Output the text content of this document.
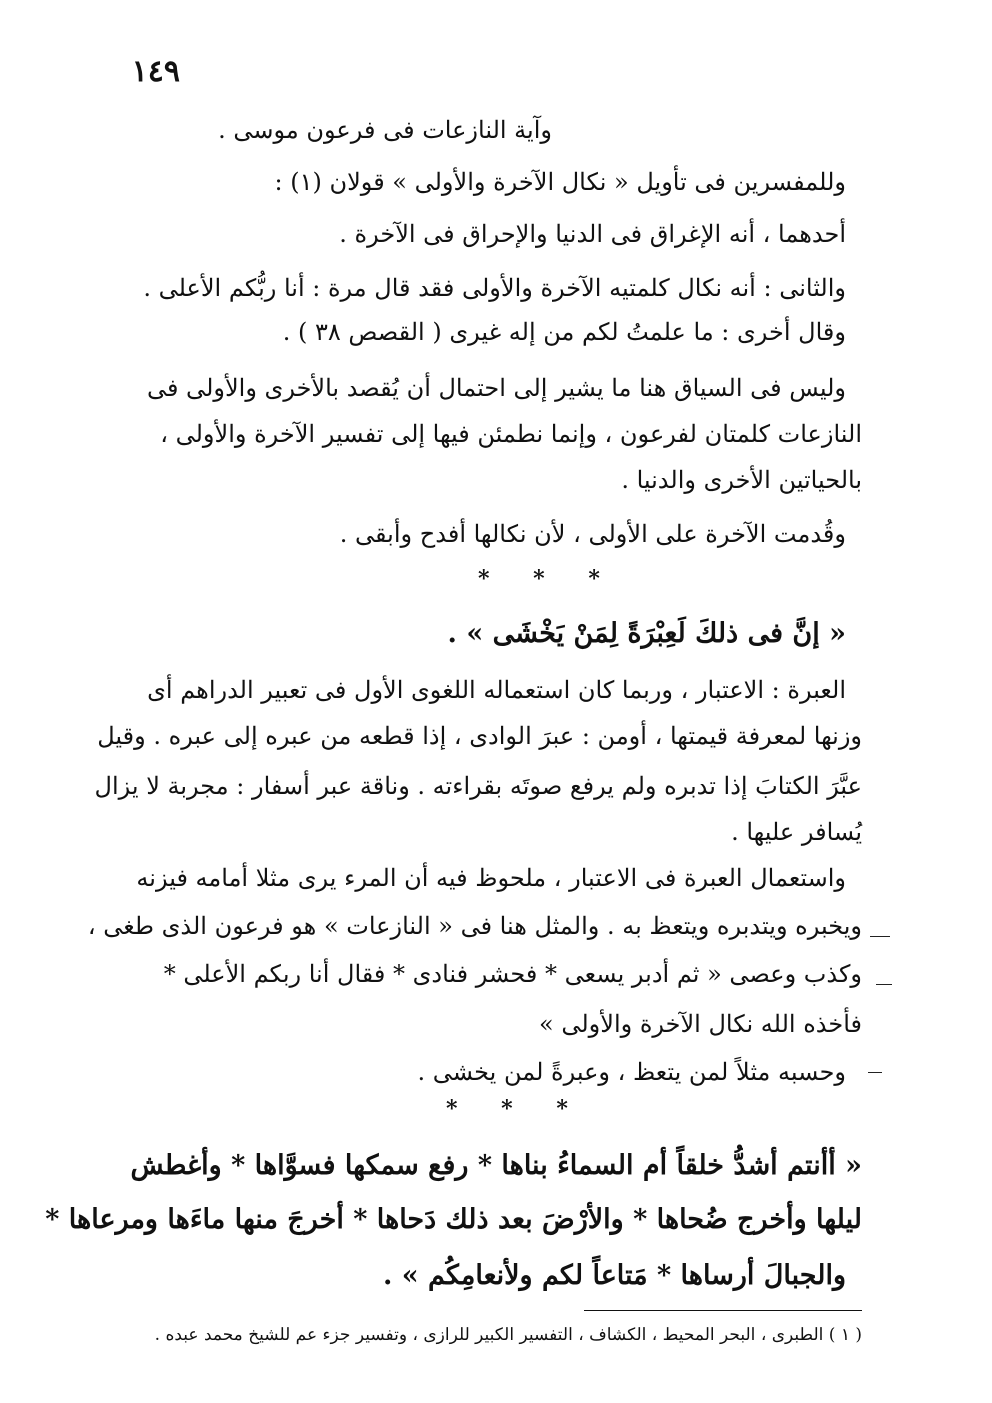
١٤٩
وآية النازعات فى فرعون موسى .
وللمفسرين فى تأويل « نكال الآخرة والأولى » قولان (١) :
أحدهما ، أنه الإغراق فى الدنيا والإحراق فى الآخرة .
والثانى : أنه نكال كلمتيه الآخرة والأولى فقد قال مرة : أنا ربُّكم الأعلى .
وقال أخرى : ما علمتُ لكم من إله غيرى ( القصص ٣٨ ) .
وليس فى السياق هنا ما يشير إلى احتمال أن يُقصد بالأخرى والأولى فى
النازعات كلمتان لفرعون ، وإنما نطمئن فيها إلى تفسير الآخرة والأولى ،
بالحياتين الأخرى والدنيا .
وقُدمت الآخرة على الأولى ، لأن نكالها أفدح وأبقى .
* * *
« إنَّ فى ذلكَ لَعِبْرَةً لِمَنْ يَخْشَى » .
العبرة : الاعتبار ، وربما كان استعماله اللغوى الأول فى تعبير الدراهم أى
وزنها لمعرفة قيمتها ، أومن : عبرَ الوادى ، إذا قطعه من عبره إلى عبره . وقيل
عبَّرَ الكتابَ إذا تدبره ولم يرفع صوتَه بقراءته . وناقة عبر أسفار : مجربة لا يزال
يُسافر عليها .
واستعمال العبرة فى الاعتبار ، ملحوظ فيه أن المرء يرى مثلا أمامه فيزنه
ويخبره ويتدبره ويتعظ به . والمثل هنا فى « النازعات » هو فرعون الذى طغى ،
وكذب وعصى « ثم أدبر يسعى * فحشر فنادى * فقال أنا ربكم الأعلى *
فأخذه الله نكال الآخرة والأولى »
وحسبه مثلاً لمن يتعظ ، وعبرةً لمن يخشى .
* * *
« أأنتم أشدُّ خلقاً أم السماءُ بناها * رفع سمكها فسوَّاها * وأغطش
ليلها وأخرج ضُحاها * والأرْضَ بعد ذلك دَحاها * أخرجَ منها ماءَها ومرعاها *
والجبالَ أرساها * مَتاعاً لكم ولأنعامِكُم » .
( ١ ) الطبرى ، البحر المحيط ، الكشاف ، التفسير الكبير للرازى ، وتفسير جزء عم للشيخ محمد عبده .
